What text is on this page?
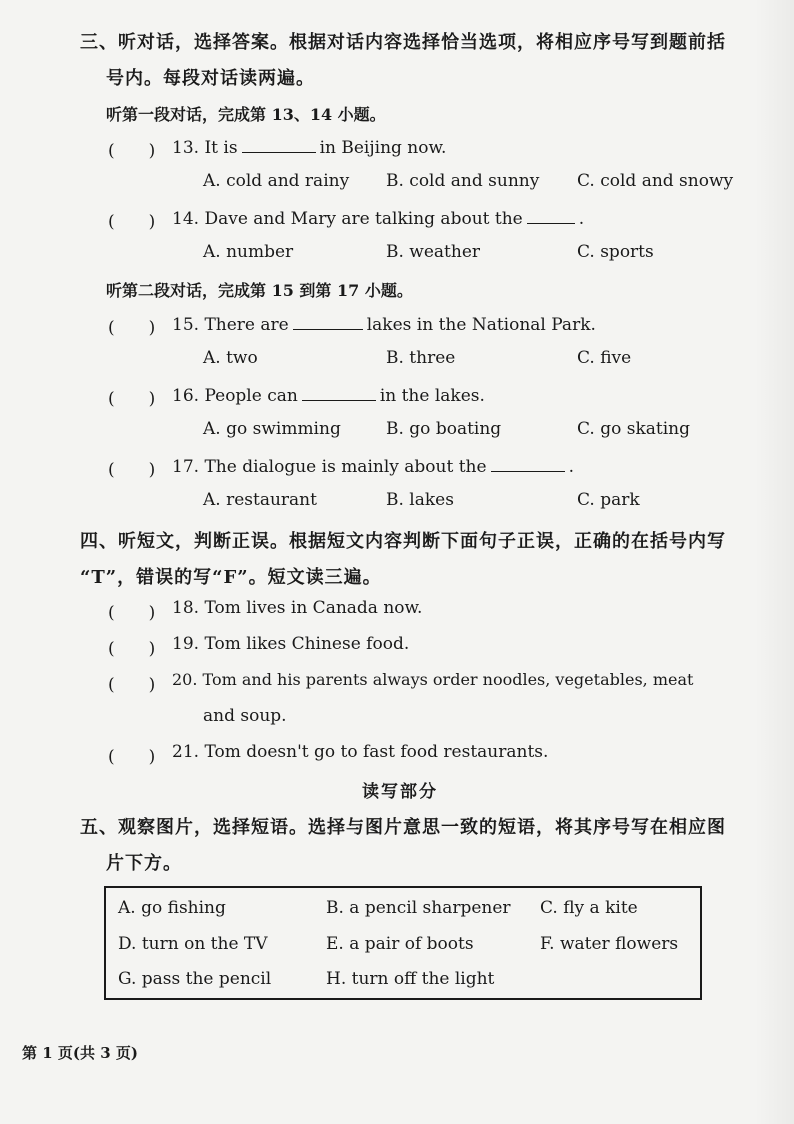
三、听对话，选择答案。根据对话内容选择恰当选项，将相应序号写到题前括
号内。每段对话读两遍。
听第一段对话，完成第 13、14 小题。
(　　) 13. It is	in Beijing now.
A. cold and rainy B. cold and sunny C. cold and snowy
(　　) 14. Dave and Mary are talking about the	.
A. number	B. weather	C. sports
听第二段对话，完成第 15 到第 17 小题。
(　　) 15. There are	lakes in the National Park.
A. two	B. three	C. five
(　　) 16. People can	in the lakes.
A. go swimming	B. go boating	C. go skating
(　　) 17. The dialogue is mainly about the	.
A. restaurant	B. lakes	C. park
四、听短文，判断正误。根据短文内容判断下面句子正误，正确的在括号内写
“T”，错误的写“F”。短文读三遍。
(　　) 18. Tom lives in Canada now.
(　　) 19. Tom likes Chinese food.
(　　) 20. Tom and his parents always order noodles, vegetables, meat
and soup.
(　　) 21. Tom doesn't go to fast food restaurants.
读写部分
五、观察图片，选择短语。选择与图片意思一致的短语，将其序号写在相应图
片下方。
A. go fishing	B. a pencil sharpener C. fly a kite
D. turn on the TV	E. a pair of boots	F. water flowers
G. pass the pencil	H. turn off the light
第 1 页(共 3 页)
